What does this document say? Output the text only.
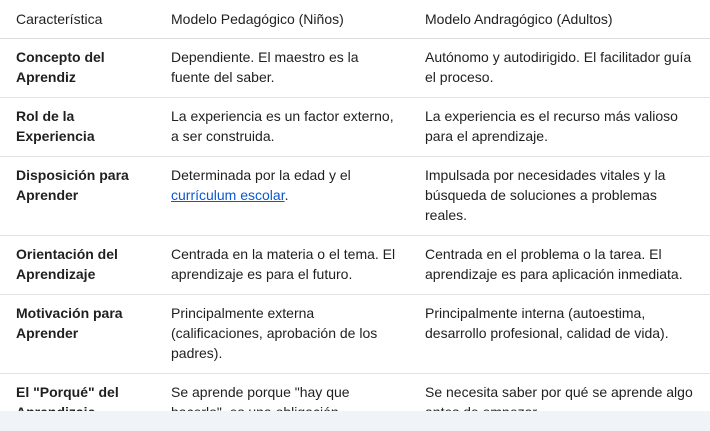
Característica	Modelo Pedagógico (Niños)	Modelo Andragógico (Adultos)
Concepto del Aprendiz	Dependiente. El maestro es la fuente del saber.	Autónomo y autodirigido. El facilitador guía el proceso.
Rol de la Experiencia	La experiencia es un factor externo, a ser construida.	La experiencia es el recurso más valioso para el aprendizaje.
Disposición para Aprender	Determinada por la edad y el currículum escolar.	Impulsada por necesidades vitales y la búsqueda de soluciones a problemas reales.
Orientación del Aprendizaje	Centrada en la materia o el tema. El aprendizaje es para el futuro.	Centrada en el problema o la tarea. El aprendizaje es para aplicación inmediata.
Motivación para Aprender	Principalmente externa (calificaciones, aprobación de los padres).	Principalmente interna (autoestima, desarrollo profesional, calidad de vida).
El "Porqué" del	Se aprende porque "hay que	Se necesita saber por qué se aprende algo
